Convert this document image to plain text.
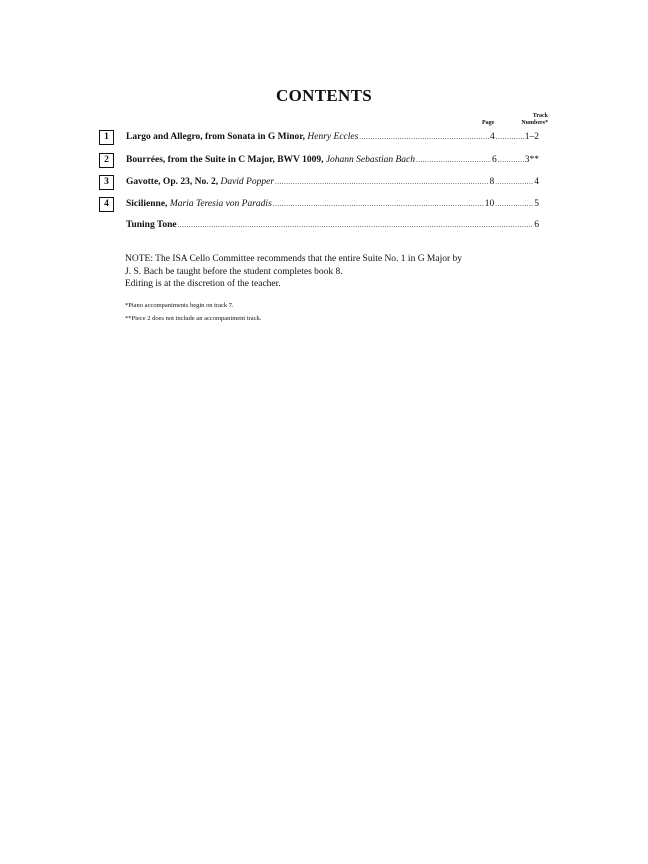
CONTENTS
Page
Track
Numbers*
1	Largo and Allegro, from Sonata in G Minor,
Henry Eccles .....	4 .....	1–2
2	Bourrées, from the Suite in C Major, BWV 1009,
Johann Sebastian Bach .....	6 .....	3**
3	Gavotte, Op. 23, No. 2,
David Popper .....	8 .....	4
4	Sicilienne,
Maria Teresia von Paradis .....	10 .....	5
Tuning Tone .....	6
NOTE: The ISA Cello Committee recommends that the entire Suite No. 1 in G Major by
J. S. Bach be taught before the student completes book 8.
Editing is at the discretion of the teacher.
*Piano accompaniments begin on track 7.
**Piece 2 does not include an accompaniment track.
